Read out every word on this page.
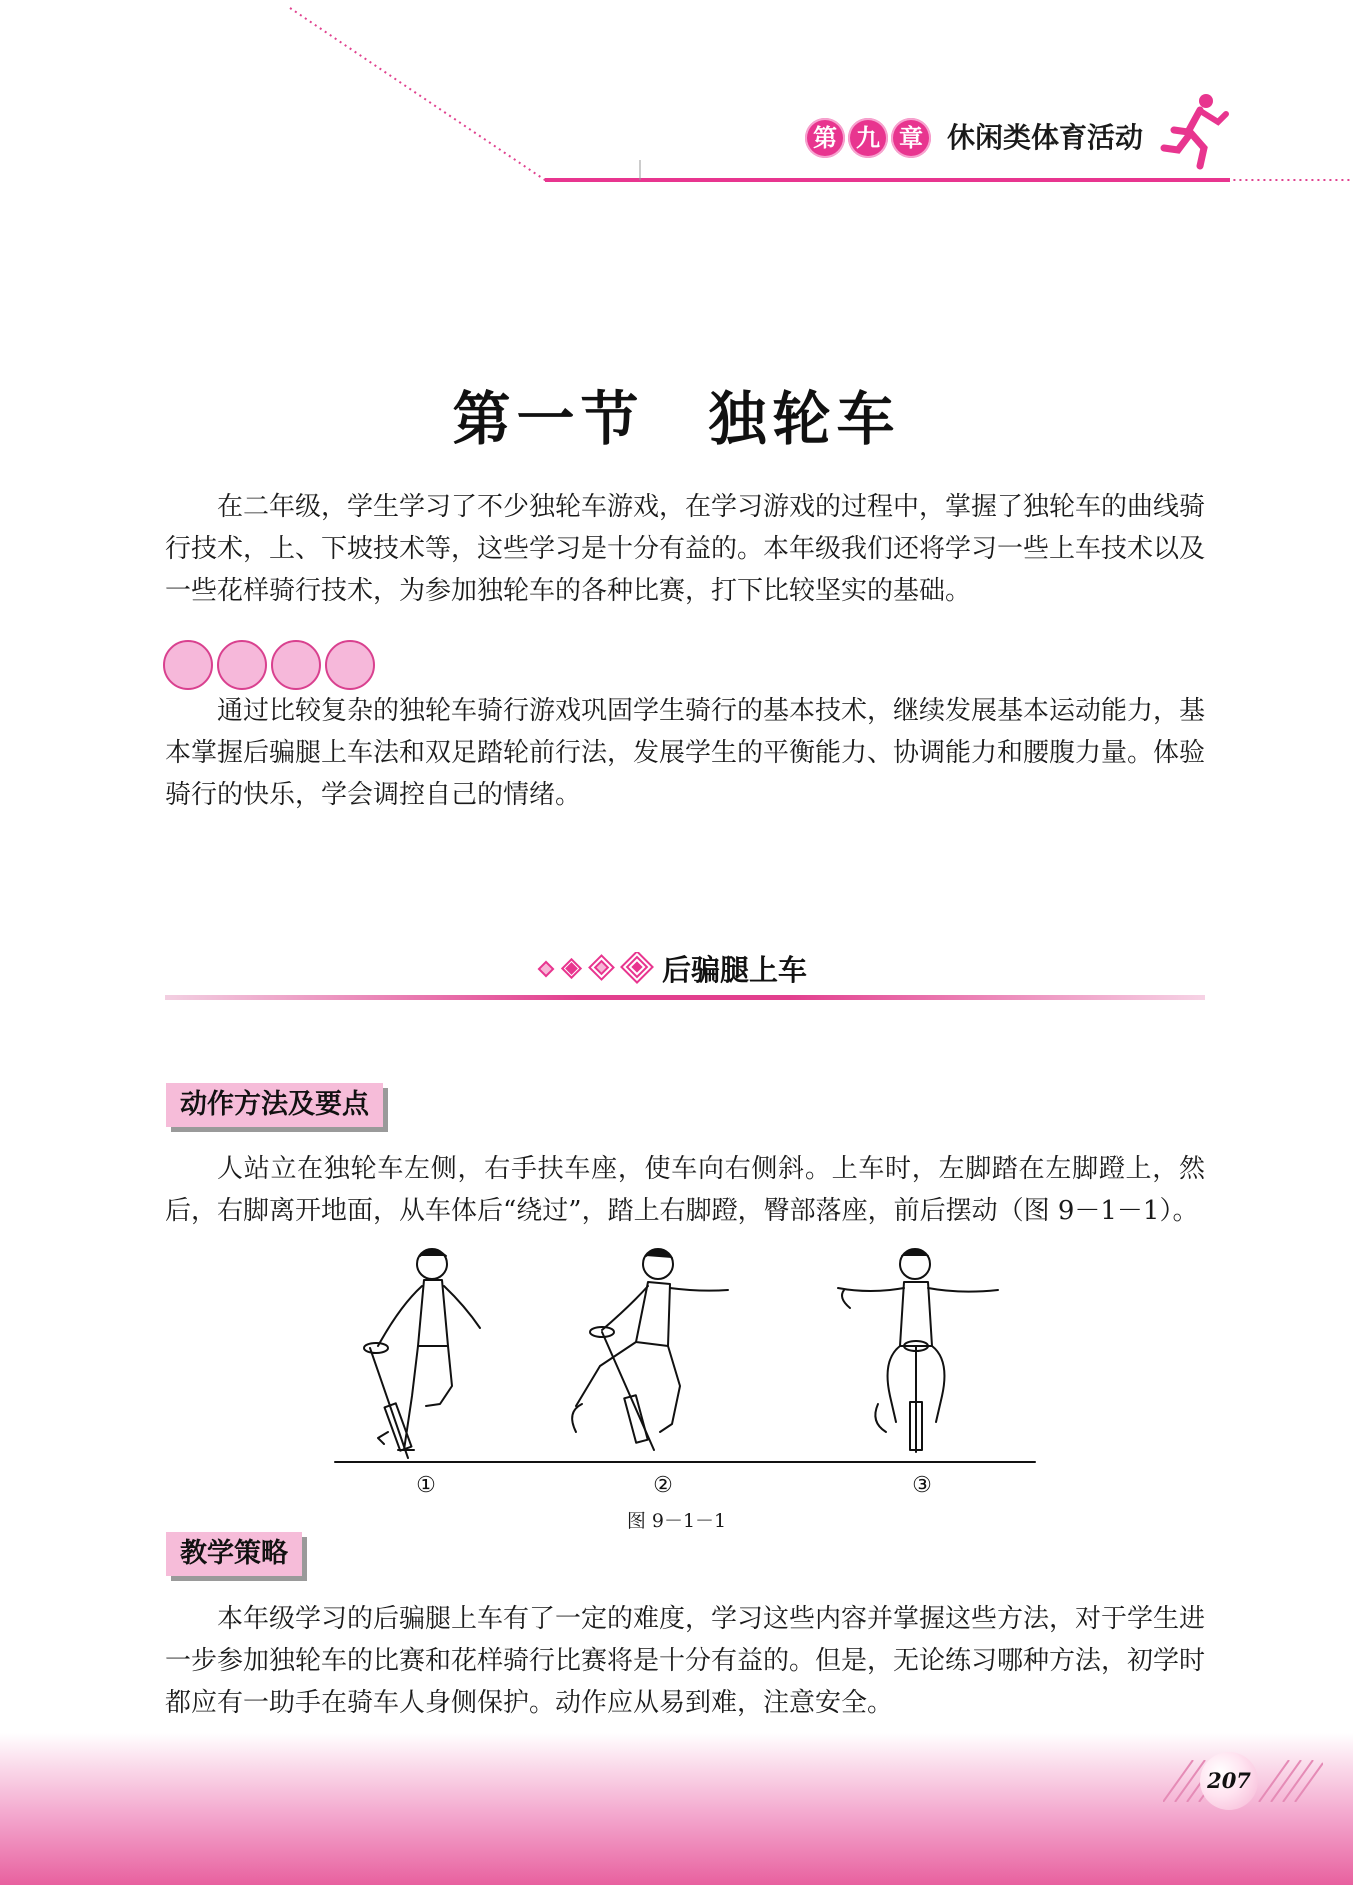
第 九 章 休闲类体育活动
第一节　独轮车

在二年级，学生学习了不少独轮车游戏，在学习游戏的过程中，掌握了独轮车的曲线骑行技术，上、下坡技术等，这些学习是十分有益的。本年级我们还将学习一些上车技术以及一些花样骑行技术，为参加独轮车的各种比赛，打下比较坚实的基础。

通过比较复杂的独轮车骑行游戏巩固学生骑行的基本技术，继续发展基本运动能力，基本掌握后骗腿上车法和双足踏轮前行法，发展学生的平衡能力、协调能力和腰腹力量。体验骑行的快乐，学会调控自己的情绪。

后骗腿上车
动作方法及要点

人站立在独轮车左侧，右手扶车座，使车向右侧斜。上车时，左脚踏在左脚蹬上，然后，右脚离开地面，从车体后“绕过”，踏上右脚蹬，臀部落座，前后摆动（图 9－1－1）。

①	②	③
图 9－1－1
教学策略

本年级学习的后骗腿上车有了一定的难度，学习这些内容并掌握这些方法，对于学生进一步参加独轮车的比赛和花样骑行比赛将是十分有益的。但是，无论练习哪种方法，初学时都应有一助手在骑车人身侧保护。动作应从易到难，注意安全。

207
